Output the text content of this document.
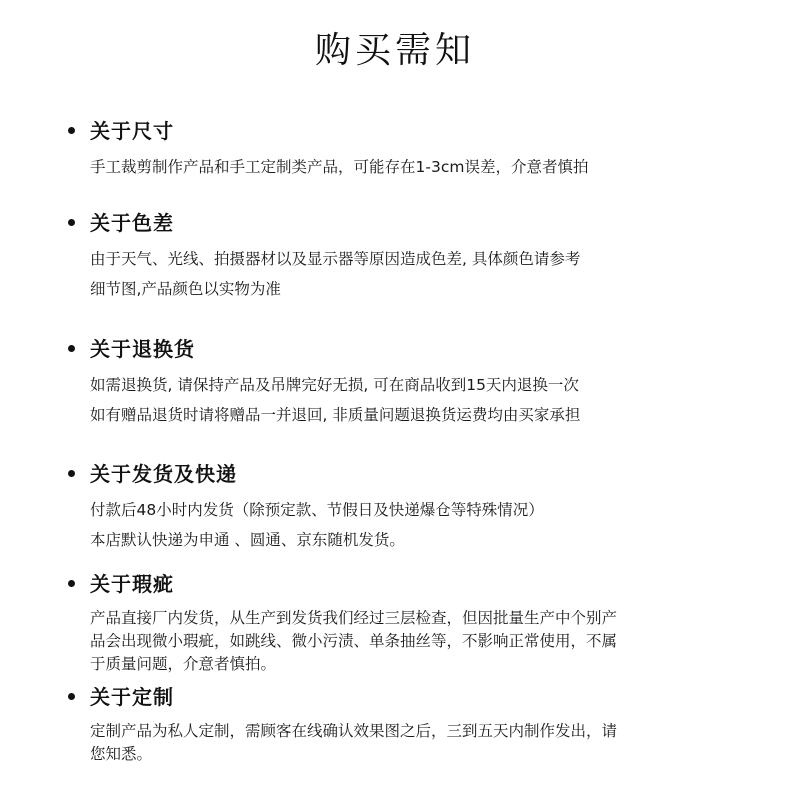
购买需知
关于尺寸
手工裁剪制作产品和手工定制类产品，可能存在1-3cm误差，介意者慎拍
关于色差
由于天气、光线、拍摄器材以及显示器等原因造成色差, 具体颜色请参考
细节图,产品颜色以实物为准
关于退换货
如需退换货, 请保持产品及吊牌完好无损, 可在商品收到15天内退换一次
如有赠品退货时请将赠品一并退回, 非质量问题退换货运费均由买家承担
关于发货及快递
付款后48小时内发货（除预定款、节假日及快递爆仓等特殊情况）
本店默认快递为申通 、圆通、京东随机发货。
关于瑕疵
产品直接厂内发货，从生产到发货我们经过三层检查，但因批量生产中个别产
品会出现微小瑕疵，如跳线、微小污渍、单条抽丝等，不影响正常使用，不属
于质量问题，介意者慎拍。
关于定制
定制产品为私人定制，需顾客在线确认效果图之后，三到五天内制作发出，请
您知悉。
